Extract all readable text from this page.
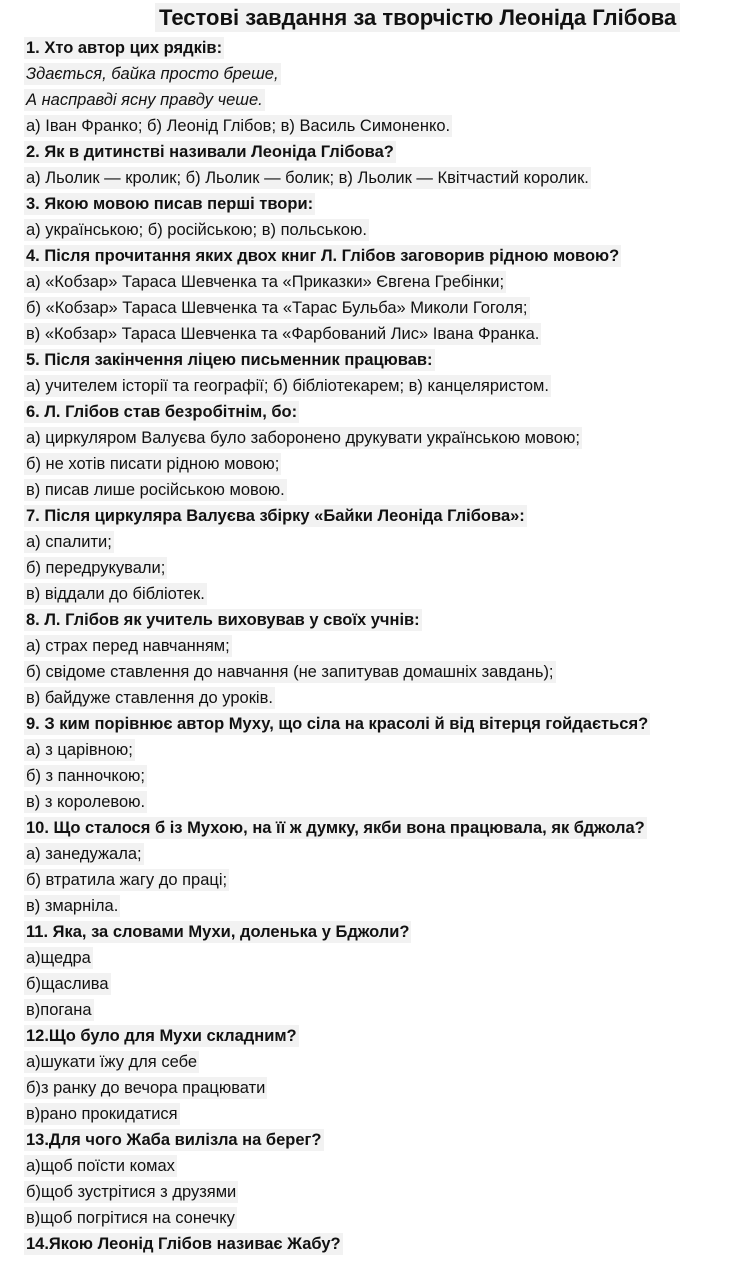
Тестові завдання за творчістю Леоніда Глібова
1. Хто автор цих рядків:
Здається, байка просто бреше,
А насправді ясну правду чеше.
а) Іван Франко; б) Леонід Глібов; в) Василь Симоненко.
2. Як в дитинстві називали Леоніда Глібова?
а) Льолик — кролик; б) Льолик — болик; в) Льолик — Квітчастий королик.
3. Якою мовою писав перші твори:
а) українською; б) російською; в) польською.
4. Після прочитання яких двох книг Л. Глібов заговорив рідною мовою?
а) «Кобзар» Тараса Шевченка та «Приказки» Євгена Гребінки;
б) «Кобзар» Тараса Шевченка та «Тарас Бульба» Миколи Гоголя;
в) «Кобзар» Тараса Шевченка та «Фарбований Лис» Івана Франка.
5. Після закінчення ліцею письменник працював:
а) учителем історії та географії; б) бібліотекарем; в) канцеляристом.
6. Л. Глібов став безробітнім, бо:
а) циркуляром Валуєва було заборонено друкувати українською мовою;
б) не хотів писати рідною мовою;
в) писав лише російською мовою.
7. Після циркуляра Валуєва збірку «Байки Леоніда Глібова»:
а) спалити;
б) передрукували;
в) віддали до бібліотек.
8. Л. Глібов як учитель виховував у своїх учнів:
а) страх перед навчанням;
б) свідоме ставлення до навчання (не запитував домашніх завдань);
в) байдуже ставлення до уроків.
9. З ким порівнює автор Муху, що сіла на красолі й від вітерця гойдається?
а) з царівною;
б) з панночкою;
в) з королевою.
10. Що сталося б із Мухою, на її ж думку, якби вона працювала, як бджола?
а) занедужала;
б) втратила жагу до праці;
в) змарніла.
11. Яка, за словами Мухи, доленька у Бджоли?
а)щедра
б)щаслива
в)погана
12.Що було для Мухи складним?
а)шукати їжу для себе
б)з ранку до вечора працювати
в)рано прокидатися
13.Для чого Жаба вилізла на берег?
а)щоб поїсти комах
б)щоб зустрітися з друзями
в)щоб погрітися на сонечку
14.Якою Леонід Глібов називає Жабу?
